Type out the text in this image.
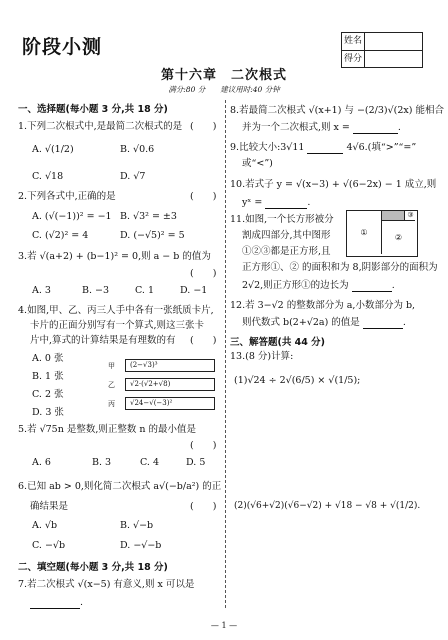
阶段小测	姓名
得分
第十六章　二次根式
满分:80 分　　建议用时:40 分钟
一、选择题(每小题 3 分,共 18 分)
1.下列二次根式中,是最简二次根式的是 (　　)
A. √(1/2)	B. √0.6
C. √18	D. √7
2.下列各式中,正确的是	(　　)
A. (√(−1))² = −1 B. √3² = ±3
C. (√2)² = 4	D. (−√5)² = 5
3.若 √(a+2) + (b−1)² = 0,则 a − b 的值为
(　　)
A. 3	B. −3	C. 1	D. −1
4.如图,甲、乙、丙三人手中各有一张纸质卡片,
卡片的正面分别写有一个算式,则这三张卡
片中,算式的计算结果是有理数的有 (　　)
A. 0 张
B. 1 张
C. 2 张
D. 3 张
甲	(2−√3)³
乙	√2·(√2+√8)
丙	√24−√(−3)²
5.若 √75n 是整数,则正整数 n 的最小值是
(　　)
A. 6	B. 3	C. 4	D. 5
6.已知 ab > 0,则化简二次根式 a√(−b/a²) 的正
确结果是	(　　)
A. √b	B. √−b
C. −√b	D. −√−b
二、填空题(每小题 3 分,共 18 分)
7.若二次根式 √(x−5) 有意义,则 x 可以是
.
8.若最简二次根式 √(x+1) 与 −(2/3)√(2x) 能相合
并为一个二次根式,则 x =	.
9.比较大小:3√11	4√6.(填“>”“=”
或“<”)
10.若式子 y = √(x−3) + √(6−2x) − 1 成立,则
yˣ =	.
11.如图,一个长方形被分
割成四部分,其中图形
①②③都是正方形,且
正方形①、② 的面积和为 8,阴影部分的面积为
2√2,则正方形①的边长为	.
①
②
③
12.若 3−√2 的整数部分为 a,小数部分为 b,
则代数式 b(2+√2a) 的值是	.
三、解答题(共 44 分)
13.(8 分)计算:
(1)√24 ÷ 2√(6/5) × √(1/5);
(2)(√6+√2)(√6−√2) + √18 − √8 + √(1/2).
— 1 —
